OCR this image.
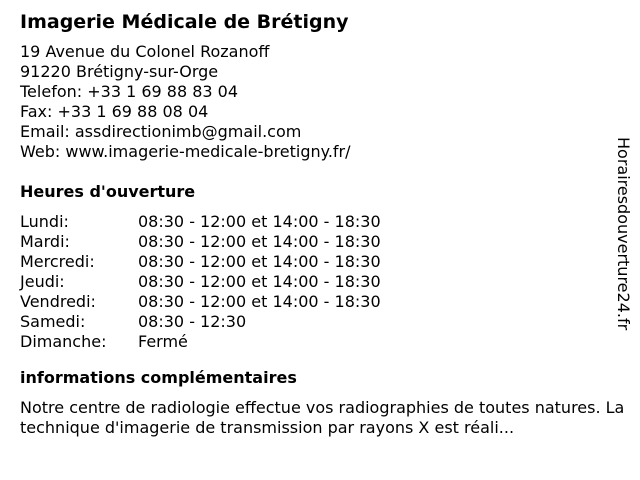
Imagerie Médicale de Brétigny
19 Avenue du Colonel Rozanoff
91220 Brétigny-sur-Orge
Telefon: +33 1 69 88 83 04
Fax: +33 1 69 88 08 04
Email: assdirectionimb@gmail.com
Web: www.imagerie-medicale-bretigny.fr/
Heures d'ouverture
Lundi:	08:30 - 12:00 et 14:00 - 18:30
Mardi:	08:30 - 12:00 et 14:00 - 18:30
Mercredi:	08:30 - 12:00 et 14:00 - 18:30
Jeudi:	08:30 - 12:00 et 14:00 - 18:30
Vendredi:	08:30 - 12:00 et 14:00 - 18:30
Samedi:	08:30 - 12:30
Dimanche:	Fermé
informations complémentaires
Notre centre de radiologie effectue vos radiographies de toutes natures. La technique d'imagerie de transmission par rayons X est réali...
Horairesdouverture24.fr
